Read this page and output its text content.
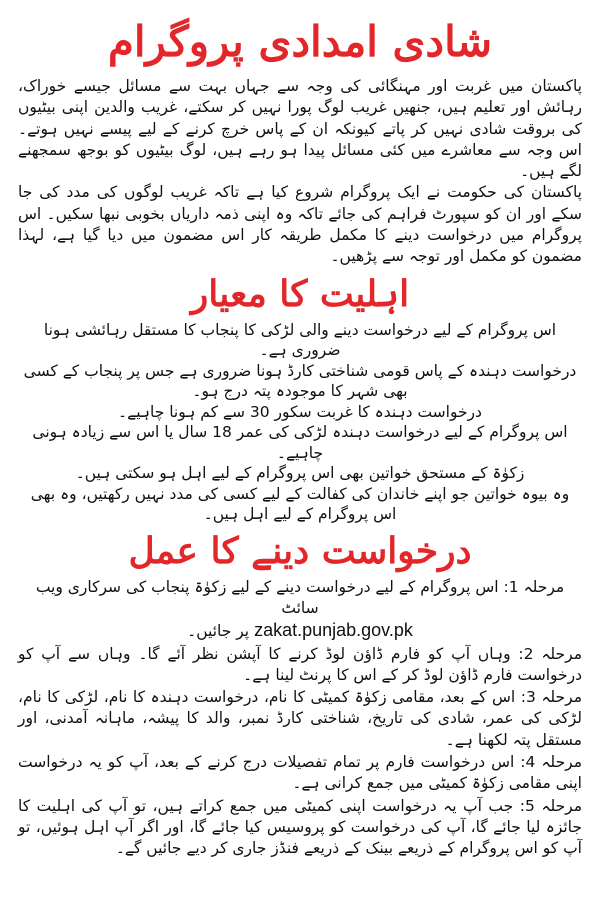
شادی امدادی پروگرام

پاکستان میں غربت اور مہنگائی کی وجہ سے جہاں بہت سے مسائل جیسے خوراک، رہائش اور تعلیم ہیں، جنھیں غریب لوگ پورا نہیں کر سکتے، غریب والدین اپنی بیٹیوں کی بروقت شادی نہیں کر پاتے کیونکہ ان کے پاس خرچ کرنے کے لیے پیسے نہیں ہوتے۔ اس وجہ سے معاشرے میں کئی مسائل پیدا ہو رہے ہیں، لوگ بیٹیوں کو بوجھ سمجھنے لگے ہیں۔

پاکستان کی حکومت نے ایک پروگرام شروع کیا ہے تاکہ غریب لوگوں کی مدد کی جا سکے اور ان کو سپورٹ فراہم کی جائے تاکہ وہ اپنی ذمہ داریاں بخوبی نبھا سکیں۔ اس پروگرام میں درخواست دینے کا مکمل طریقہ کار اس مضمون میں دیا گیا ہے، لہذا مضمون کو مکمل اور توجہ سے پڑھیں۔

اہلیت کا معیار

اس پروگرام کے لیے درخواست دینے والی لڑکی کا پنجاب کا مستقل رہائشی ہونا ضروری ہے۔

درخواست دہندہ کے پاس قومی شناختی کارڈ ہونا ضروری ہے جس پر پنجاب کے کسی بھی شہر کا موجودہ پتہ درج ہو۔

درخواست دہندہ کا غربت سکور 30 سے کم ہونا چاہیے۔

اس پروگرام کے لیے درخواست دہندہ لڑکی کی عمر 18 سال یا اس سے زیادہ ہونی چاہیے۔

زکوٰۃ کے مستحق خواتین بھی اس پروگرام کے لیے اہل ہو سکتی ہیں۔

وہ بیوہ خواتین جو اپنے خاندان کی کفالت کے لیے کسی کی مدد نہیں رکھتیں، وہ بھی اس پروگرام کے لیے اہل ہیں۔

درخواست دینے کا عمل

مرحلہ 1: اس پروگرام کے لیے درخواست دینے کے لیے زکوٰۃ پنجاب کی سرکاری ویب سائٹ

zakat.punjab.gov.pk پر جائیں۔

مرحلہ 2: وہاں آپ کو فارم ڈاؤن لوڈ کرنے کا آپشن نظر آئے گا۔ وہاں سے آپ کو درخواست فارم ڈاؤن لوڈ کر کے اس کا پرنٹ لینا ہے۔

مرحلہ 3: اس کے بعد، مقامی زکوٰۃ کمیٹی کا نام، درخواست دہندہ کا نام، لڑکی کا نام، لڑکی کی عمر، شادی کی تاریخ، شناختی کارڈ نمبر، والد کا پیشہ، ماہانہ آمدنی، اور مستقل پتہ لکھنا ہے۔

مرحلہ 4: اس درخواست فارم پر تمام تفصیلات درج کرنے کے بعد، آپ کو یہ درخواست اپنی مقامی زکوٰۃ کمیٹی میں جمع کرانی ہے۔

مرحلہ 5: جب آپ یہ درخواست اپنی کمیٹی میں جمع کراتے ہیں، تو آپ کی اہلیت کا جائزہ لیا جائے گا، آپ کی درخواست کو پروسیس کیا جائے گا، اور اگر آپ اہل ہوئیں، تو آپ کو اس پروگرام کے ذریعے بینک کے ذریعے فنڈز جاری کر دیے جائیں گے۔
